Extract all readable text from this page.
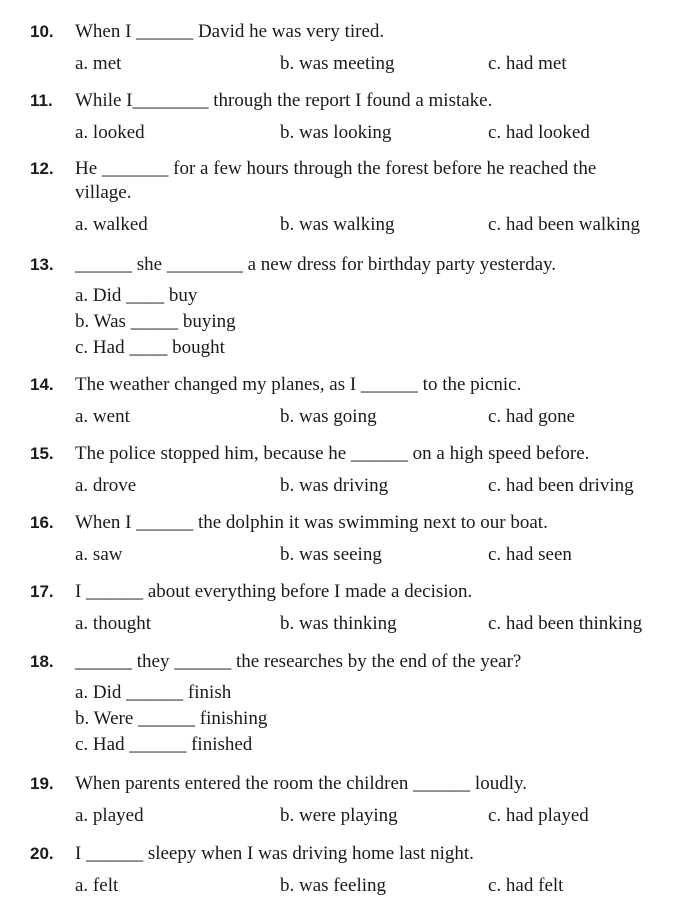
10. When I ______ David he was very tired.
a. met	b. was meeting	c. had met
11. While I________ through the report I found a mistake.
a. looked	b. was looking	c. had looked
12. He _______ for a few hours through the forest before he reached the
village.
a. walked	b. was walking	c. had been walking
13. ______ she ________ a new dress for birthday party yesterday.
a. Did ____ buy
b. Was _____ buying
c. Had ____ bought
14. The weather changed my planes, as I ______ to the picnic.
a. went	b. was going	c. had gone
15. The police stopped him, because he ______ on a high speed before.
a. drove	b. was driving	c. had been driving
16. When I ______ the dolphin it was swimming next to our boat.
a. saw	b. was seeing	c. had seen
17. I ______ about everything before I made a decision.
a. thought	b. was thinking	c. had been thinking
18. ______ they ______ the researches by the end of the year?
a. Did ______ finish
b. Were ______ finishing
c. Had ______ finished
19. When parents entered the room the children ______ loudly.
a. played	b. were playing	c. had played
20. I ______ sleepy when I was driving home last night.
a. felt	b. was feeling	c. had felt
